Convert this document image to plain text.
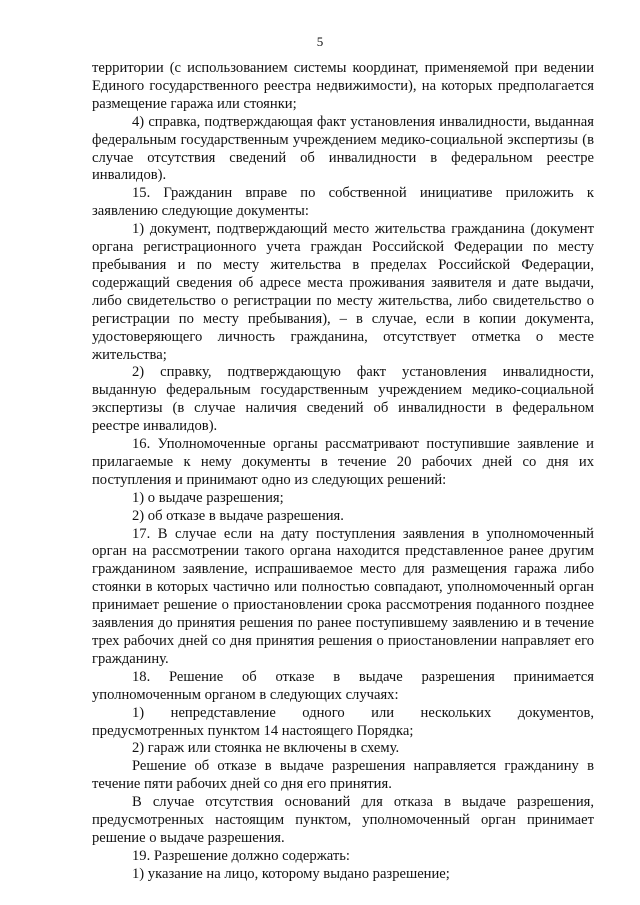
5

территории (с использованием системы координат, применяемой при ведении Единого государственного реестра недвижимости), на которых предполагается размещение гаража или стоянки;

4) справка, подтверждающая факт установления инвалидности, выданная федеральным государственным учреждением медико-социальной экспертизы (в случае отсутствия сведений об инвалидности в федеральном реестре инвалидов).

15. Гражданин вправе по собственной инициативе приложить к заявлению следующие документы:

1) документ, подтверждающий место жительства гражданина (документ органа регистрационного учета граждан Российской Федерации по месту пребывания и по месту жительства в пределах Российской Федерации, содержащий сведения об адресе места проживания заявителя и дате выдачи, либо свидетельство о регистрации по месту жительства, либо свидетельство о регистрации по месту пребывания), – в случае, если в копии документа, удостоверяющего личность гражданина, отсутствует отметка о месте жительства;

2) справку, подтверждающую факт установления инвалидности, выданную федеральным государственным учреждением медико-социальной экспертизы (в случае наличия сведений об инвалидности в федеральном реестре инвалидов).

16. Уполномоченные органы рассматривают поступившие заявление и прилагаемые к нему документы в течение 20 рабочих дней со дня их поступления и принимают одно из следующих решений:

1) о выдаче разрешения;

2) об отказе в выдаче разрешения.

17. В случае если на дату поступления заявления в уполномоченный орган на рассмотрении такого органа находится представленное ранее другим гражданином заявление, испрашиваемое место для размещения гаража либо стоянки в которых частично или полностью совпадают, уполномоченный орган принимает решение о приостановлении срока рассмотрения поданного позднее заявления до принятия решения по ранее поступившему заявлению и в течение трех рабочих дней со дня принятия решения о приостановлении направляет его гражданину.

18. Решение об отказе в выдаче разрешения принимается уполномоченным органом в следующих случаях:

1) непредставление одного или нескольких документов, предусмотренных пунктом 14 настоящего Порядка;

2) гараж или стоянка не включены в схему.

Решение об отказе в выдаче разрешения направляется гражданину в течение пяти рабочих дней со дня его принятия.

В случае отсутствия оснований для отказа в выдаче разрешения, предусмотренных настоящим пунктом, уполномоченный орган принимает решение о выдаче разрешения.

19. Разрешение должно содержать:

1) указание на лицо, которому выдано разрешение;
